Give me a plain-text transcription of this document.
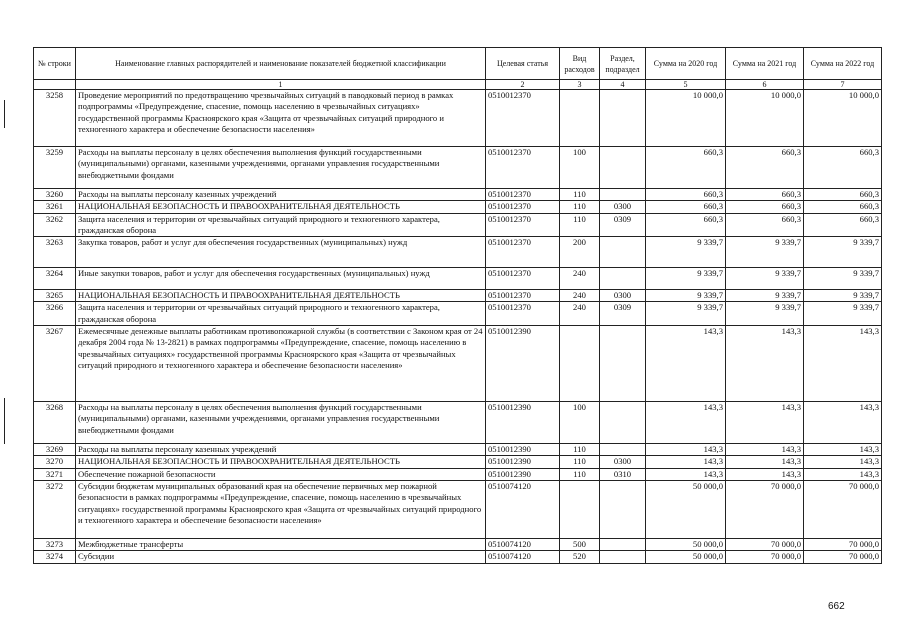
№ строки	Наименование главных распорядителей и наименование показателей бюджетной классификации	Целевая статья	Вид расходов	Раздел, подраздел	Сумма на 2020 год	Сумма на 2021 год	Сумма на 2022 год
	1	2	3	4	5	6	7
3258	Проведение мероприятий по предотвращению чрезвычайных ситуаций в паводковый период в рамках подпрограммы «Предупреждение, спасение, помощь населению в чрезвычайных ситуациях» государственной программы Красноярского края «Защита от чрезвычайных ситуаций природного и техногенного характера и обеспечение безопасности населения»	0510012370			10 000,0	10 000,0	10 000,0
3259	Расходы на выплаты персоналу в целях обеспечения выполнения функций государственными (муниципальными) органами, казенными учреждениями, органами управления государственными внебюджетными фондами	0510012370	100		660,3	660,3	660,3
3260	Расходы на выплаты персоналу казенных учреждений	0510012370	110		660,3	660,3	660,3
3261	НАЦИОНАЛЬНАЯ БЕЗОПАСНОСТЬ И ПРАВООХРАНИТЕЛЬНАЯ ДЕЯТЕЛЬНОСТЬ	0510012370	110	0300	660,3	660,3	660,3
3262	Защита населения и территории от чрезвычайных ситуаций природного и техногенного характера, гражданская оборона	0510012370	110	0309	660,3	660,3	660,3
3263	Закупка товаров, работ и услуг для обеспечения государственных (муниципальных) нужд	0510012370	200		9 339,7	9 339,7	9 339,7
3264	Иные закупки товаров, работ и услуг для обеспечения государственных (муниципальных) нужд	0510012370	240		9 339,7	9 339,7	9 339,7
3265	НАЦИОНАЛЬНАЯ БЕЗОПАСНОСТЬ И ПРАВООХРАНИТЕЛЬНАЯ ДЕЯТЕЛЬНОСТЬ	0510012370	240	0300	9 339,7	9 339,7	9 339,7
3266	Защита населения и территории от чрезвычайных ситуаций природного и техногенного характера, гражданская оборона	0510012370	240	0309	9 339,7	9 339,7	9 339,7
3267	Ежемесячные денежные выплаты работникам противопожарной службы (в соответствии с Законом края от 24 декабря 2004 года № 13-2821) в рамках подпрограммы «Предупреждение, спасение, помощь населению в чрезвычайных ситуациях» государственной программы Красноярского края «Защита от чрезвычайных ситуаций природного и техногенного характера и обеспечение безопасности населения»	0510012390			143,3	143,3	143,3
3268	Расходы на выплаты персоналу в целях обеспечения выполнения функций государственными (муниципальными) органами, казенными учреждениями, органами управления государственными внебюджетными фондами	0510012390	100		143,3	143,3	143,3
3269	Расходы на выплаты персоналу казенных учреждений	0510012390	110		143,3	143,3	143,3
3270	НАЦИОНАЛЬНАЯ БЕЗОПАСНОСТЬ И ПРАВООХРАНИТЕЛЬНАЯ ДЕЯТЕЛЬНОСТЬ	0510012390	110	0300	143,3	143,3	143,3
3271	Обеспечение пожарной безопасности	0510012390	110	0310	143,3	143,3	143,3
3272	Субсидии бюджетам муниципальных образований края на обеспечение первичных мер пожарной безопасности в рамках подпрограммы «Предупреждение, спасение, помощь населению в чрезвычайных ситуациях» государственной программы Красноярского края «Защита от чрезвычайных ситуаций природного и техногенного характера и обеспечение безопасности населения»	0510074120			50 000,0	70 000,0	70 000,0
3273	Межбюджетные трансферты	0510074120	500		50 000,0	70 000,0	70 000,0
3274	Субсидии	0510074120	520		50 000,0	70 000,0	70 000,0
662
